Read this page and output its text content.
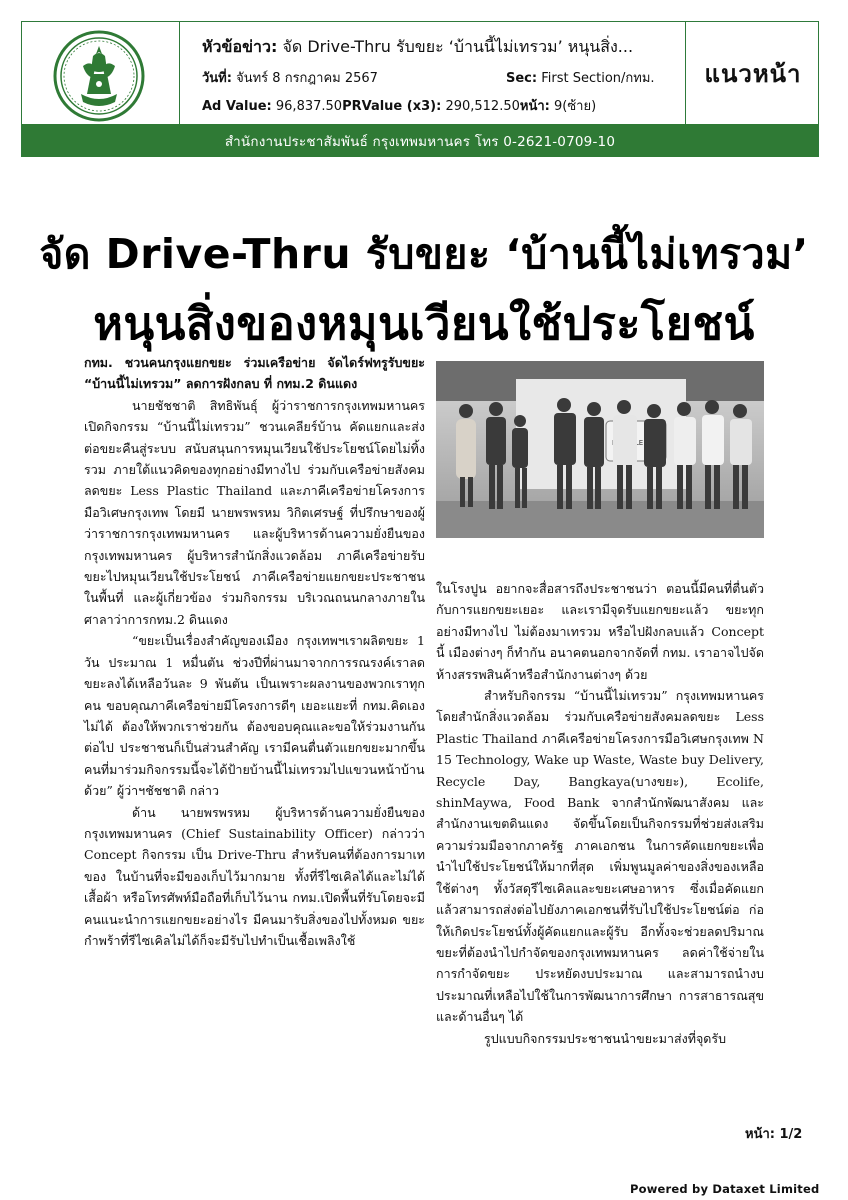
หัวข้อข่าว: จัด Drive-Thru รับขยะ ‘บ้านนี้ไม่เทรวม’ หนุนสิ่ง...
วันที่: จันทร์ 8 กรกฎาคม 2567	Sec: First Section/กทม.
Ad Value: 96,837.50PRValue (x3): 290,512.50หน้า: 9(ซ้าย)
แนวหน้า
สำนักงานประชาสัมพันธ์ กรุงเทพมหานคร โทร 0-2621-0709-10
จัด Drive-Thru รับขยะ ‘บ้านนี้ไม่เทรวม’
หนุนสิ่งของหมุนเวียนใช้ประโยชน์

กทม. ชวนคนกรุงแยกขยะ ร่วมเครือข่าย จัดไดร์ฟทรูรับขยะ “บ้านนี้ไม่เทรวม” ลดการฝังกลบ ที่ กทม.2 ดินแดง

นายชัชชาติ สิทธิพันธุ์ ผู้ว่าราชการกรุงเทพมหานคร เปิดกิจกรรม “บ้านนี้ไม่เทรวม” ชวนเคลียร์บ้าน คัดแยกและส่งต่อขยะคืนสู่ระบบ สนับสนุนการหมุนเวียนใช้ประโยชน์โดยไม่ทิ้งรวม ภายใต้แนวคิดของทุกอย่างมีทางไป ร่วมกับเครือข่ายสังคมลดขยะ Less Plastic Thailand และภาคีเครือข่ายโครงการมือวิเศษกรุงเทพ โดยมี นายพรพรหม วิกิตเศรษฐ์ ที่ปรึกษาของผู้ว่าราชการกรุงเทพมหานคร และผู้บริหารด้านความยั่งยืนของกรุงเทพมหานคร ผู้บริหารสำนักสิ่งแวดล้อม ภาคีเครือข่ายรับขยะไปหมุนเวียนใช้ประโยชน์ ภาคีเครือข่ายแยกขยะประชาชนในพื้นที่ และผู้เกี่ยวข้อง ร่วมกิจกรรม บริเวณถนนกลางภายในศาลาว่าการกทม.2 ดินแดง

“ขยะเป็นเรื่องสำคัญของเมือง กรุงเทพฯเราผลิตขยะ 1 วัน ประมาณ 1 หมื่นตัน ช่วงปีที่ผ่านมาจากการรณรงค์เราลดขยะลงได้เหลือวันละ 9 พันตัน เป็นเพราะผลงานของพวกเราทุกคน ขอบคุณภาคีเครือข่ายมีโครงการดีๆ เยอะแยะที่ กทม.คิดเองไม่ได้ ต้องให้พวกเราช่วยกัน ต้องขอบคุณและขอให้ร่วมงานกันต่อไป ประชาชนก็เป็นส่วนสำคัญ เรามีคนตื่นตัวแยกขยะมากขึ้น คนที่มาร่วมกิจกรรมนี้จะได้ป้ายบ้านนี้ไม่เทรวมไปแขวนหน้าบ้านด้วย” ผู้ว่าฯชัชชาติ กล่าว

ด้าน นายพรพรหม ผู้บริหารด้านความยั่งยืนของกรุงเทพมหานคร (Chief Sustainability Officer) กล่าวว่า Concept กิจกรรม เป็น Drive-Thru สำหรับคนที่ต้องการมาเทของ ในบ้านที่จะมีของเก็บไว้มากมาย ทั้งที่รีไซเคิลได้และไม่ได้ เสื้อผ้า หรือโทรศัพท์มือถือที่เก็บไว้นาน กทม.เปิดพื้นที่รับโดยจะมีคนแนะนำการแยกขยะอย่างไร มีคนมารับสิ่งของไปทั้งหมด ขยะกำพร้าที่รีไซเคิลไม่ได้ก็จะมีรับไปทำเป็นเชื้อเพลิงใช้

ในโรงปูน อยากจะสื่อสารถึงประชาชนว่า ตอนนี้มีคนที่ตื่นตัวกับการแยกขยะเยอะ และเรามีจุดรับแยกขยะแล้ว ขยะทุกอย่างมีทางไป ไม่ต้องมาเทรวม หรือไปฝังกลบแล้ว Concept นี้ เมืองต่างๆ ก็ทำกัน อนาคตนอกจากจัดที่ กทม. เราอาจไปจัดห้างสรรพสินค้าหรือสำนักงานต่างๆ ด้วย

สำหรับกิจกรรม “บ้านนี้ไม่เทรวม” กรุงเทพมหานคร โดยสำนักสิ่งแวดล้อม ร่วมกับเครือข่ายสังคมลดขยะ Less Plastic Thailand ภาคีเครือข่ายโครงการมือวิเศษกรุงเทพ N 15 Technology, Wake up Waste, Waste buy Delivery, Recycle Day, Bangkaya(บางขยะ), Ecolife, shinMaywa, Food Bank จากสำนักพัฒนาสังคม และสำนักงานเขตดินแดง จัดขึ้นโดยเป็นกิจกรรมที่ช่วยส่งเสริม ความร่วมมือจากภาครัฐ ภาคเอกชน ในการคัดแยกขยะเพื่อนำไปใช้ประโยชน์ให้มากที่สุด เพิ่มพูนมูลค่าของสิ่งของเหลือใช้ต่างๆ ทั้งวัสดุรีไซเคิลและขยะเศษอาหาร ซึ่งเมื่อคัดแยกแล้วสามารถส่งต่อไปยังภาคเอกชนที่รับไปใช้ประโยชน์ต่อ ก่อให้เกิดประโยชน์ทั้งผู้คัดแยกและผู้รับ อีกทั้งจะช่วยลดปริมาณขยะที่ต้องนำไปกำจัดของกรุงเทพมหานคร ลดค่าใช้จ่ายในการกำจัดขยะ ประหยัดงบประมาณ และสามารถนำงบประมาณที่เหลือไปใช้ในการพัฒนาการศึกษา การสาธารณสุข และด้านอื่นๆ ได้

รูปแบบกิจกรรมประชาชนนำขยะมาส่งที่จุดรับ

หน้า: 1/2
Powered by Dataxet Limited
